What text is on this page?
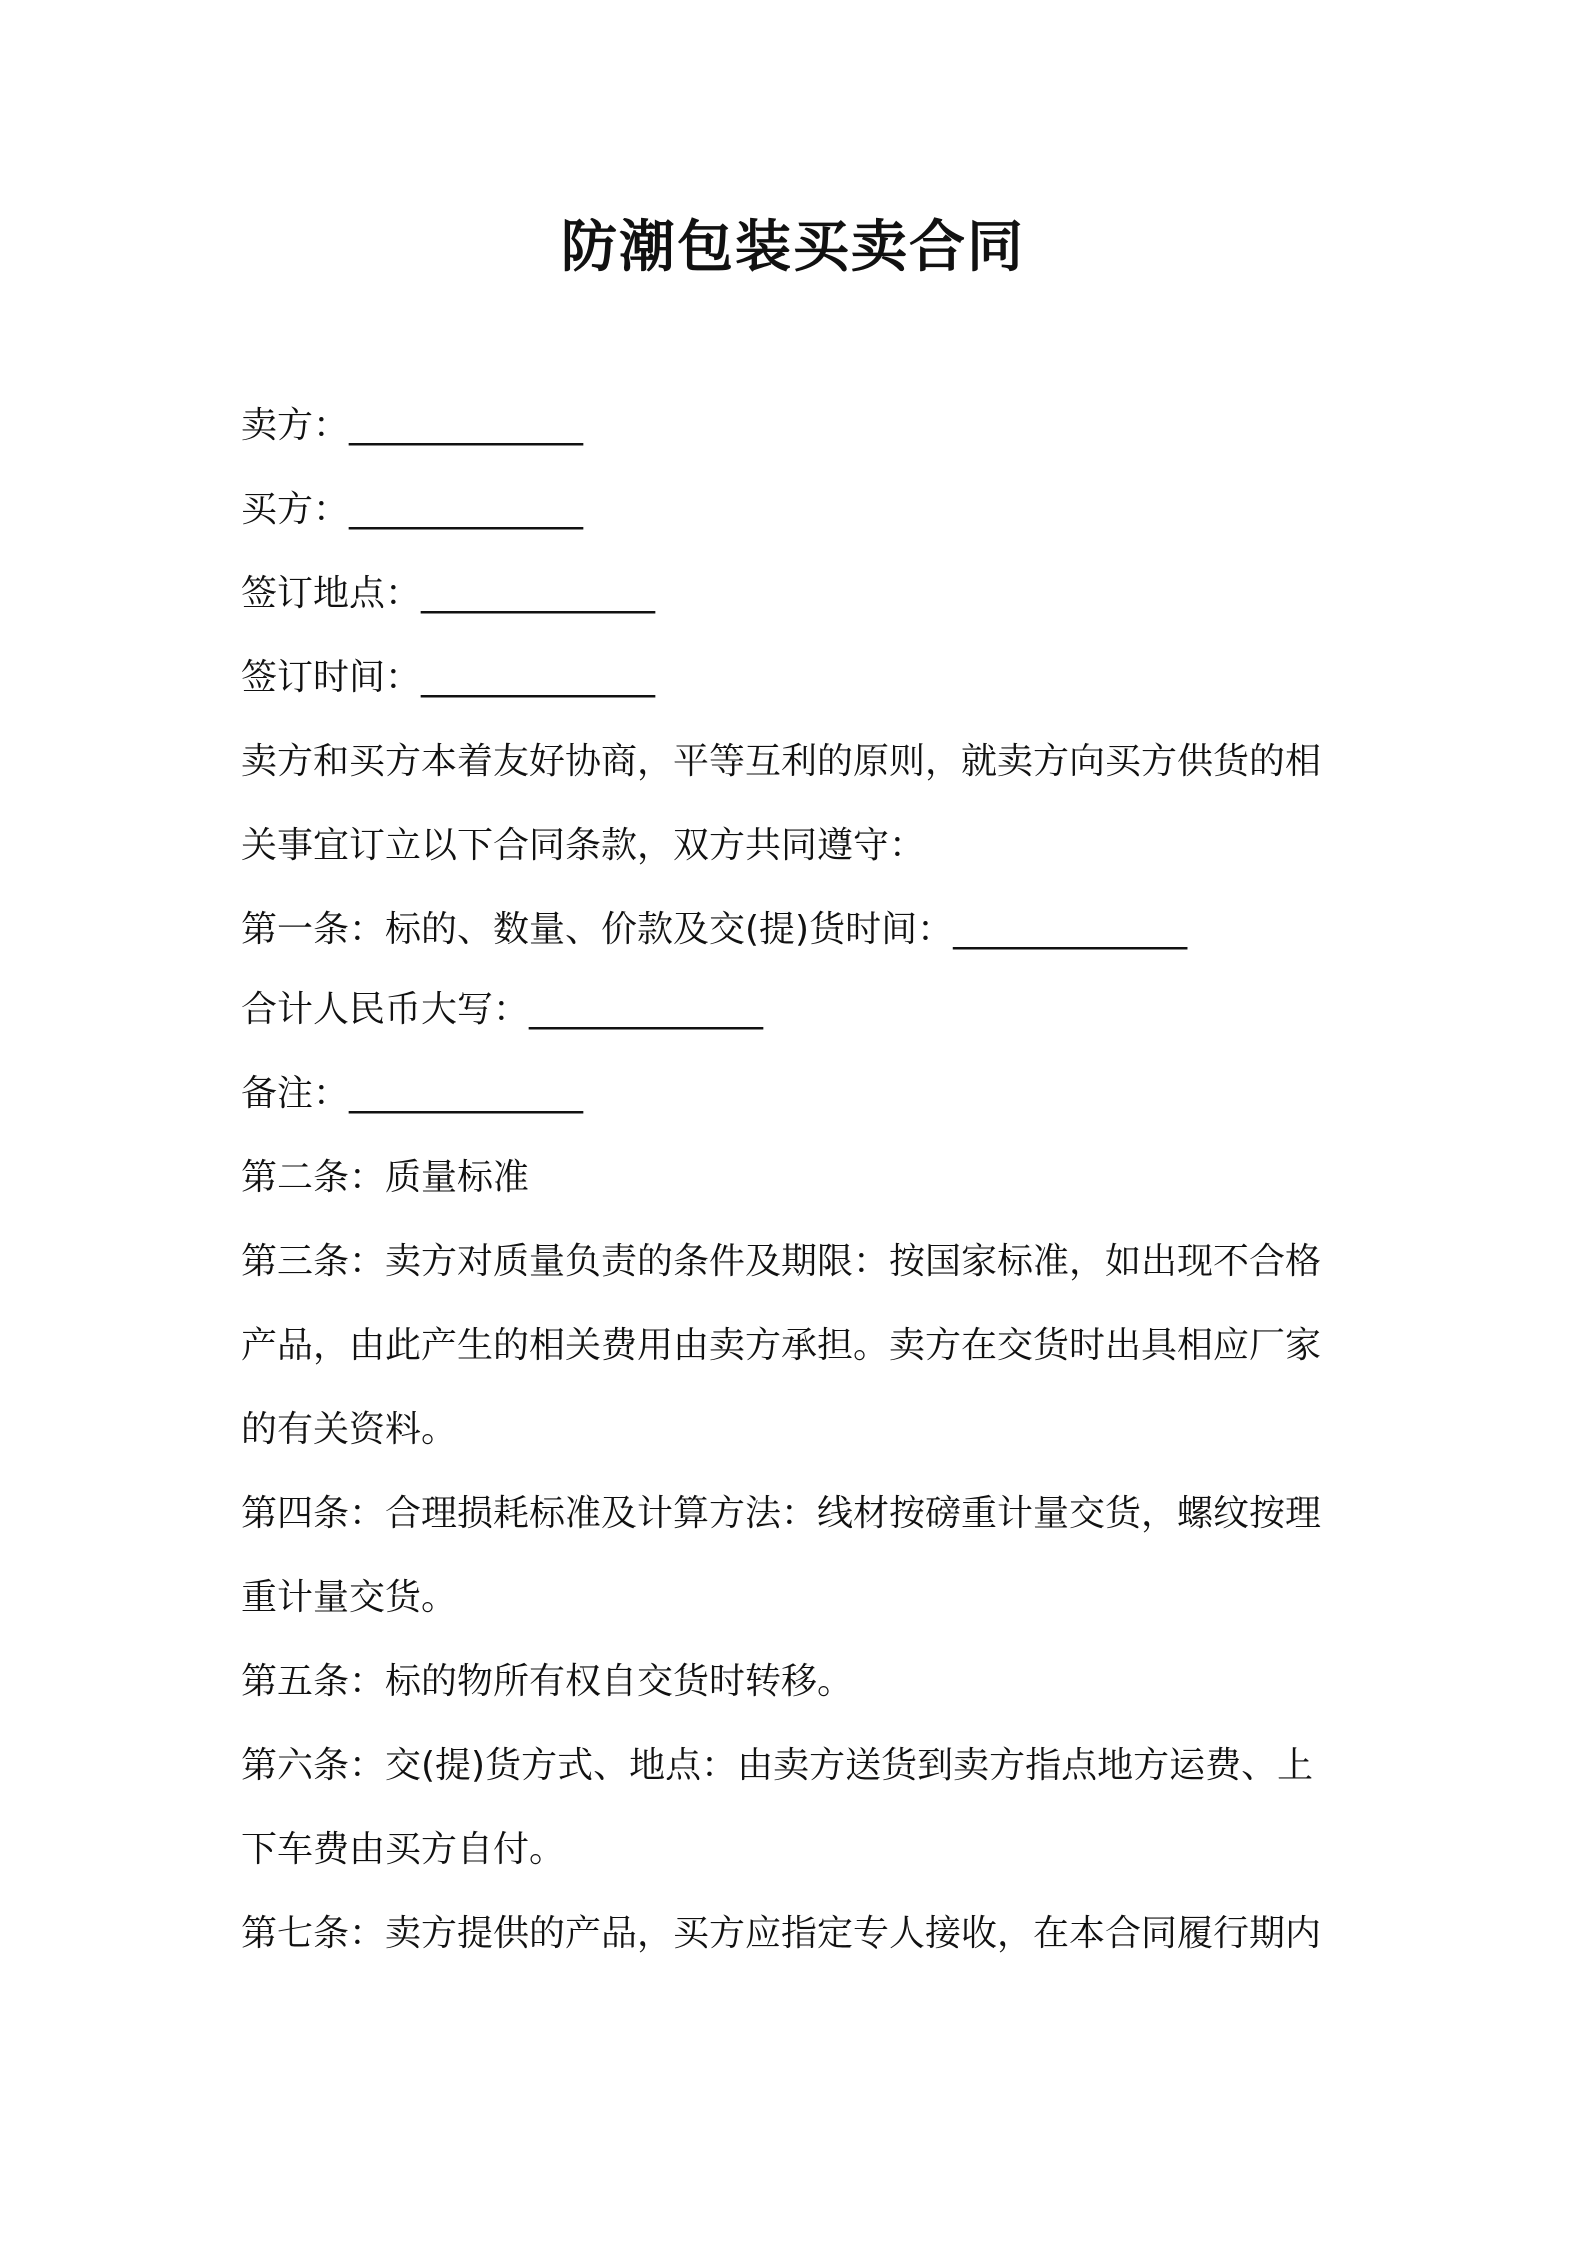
防潮包装买卖合同

卖方：_____________

买方：_____________

签订地点：_____________

签订时间：_____________

卖方和买方本着友好协商，平等互利的原则，就卖方向买方供货的相

关事宜订立以下合同条款，双方共同遵守：

第一条：标的、数量、价款及交(提)货时间：_____________

合计人民币大写：_____________

备注：_____________

第二条：质量标准

第三条：卖方对质量负责的条件及期限：按国家标准，如出现不合格

产品，由此产生的相关费用由卖方承担。卖方在交货时出具相应厂家

的有关资料。

第四条：合理损耗标准及计算方法：线材按磅重计量交货，螺纹按理

重计量交货。

第五条：标的物所有权自交货时转移。

第六条：交(提)货方式、地点：由卖方送货到卖方指点地方运费、上

下车费由买方自付。

第七条：卖方提供的产品，买方应指定专人接收，在本合同履行期内
